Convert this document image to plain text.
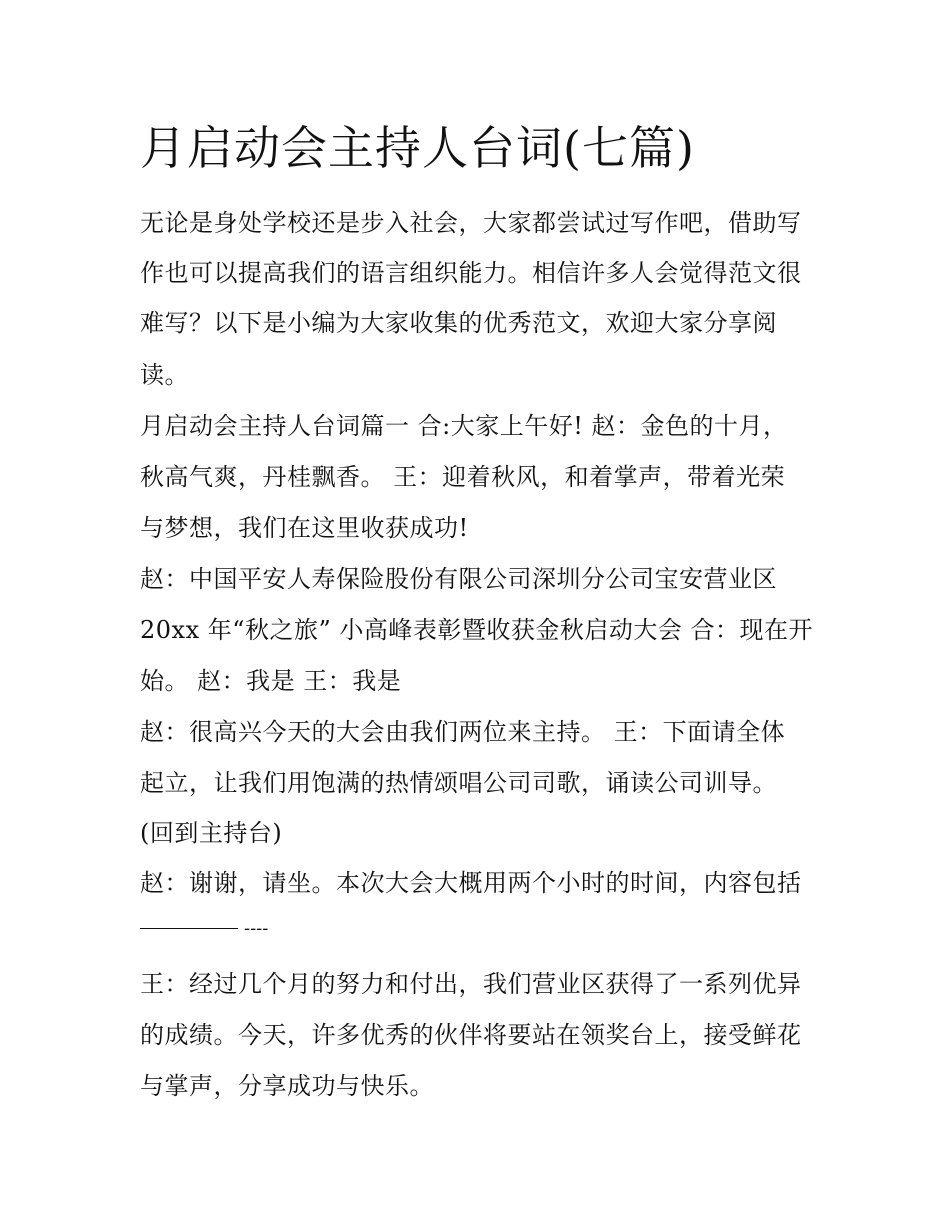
月启动会主持人台词(七篇)
无论是身处学校还是步入社会，大家都尝试过写作吧，借助写
作也可以提高我们的语言组织能力。相信许多人会觉得范文很
难写？以下是小编为大家收集的优秀范文，欢迎大家分享阅
读。
月启动会主持人台词篇一 合:大家上午好! 赵：金色的十月，
秋高气爽，丹桂飘香。 王：迎着秋风，和着掌声，带着光荣
与梦想，我们在这里收获成功!
赵：中国平安人寿保险股份有限公司深圳分公司宝安营业区
20xx 年“秋之旅” 小高峰表彰暨收获金秋启动大会 合：现在开
始。 赵：我是 王：我是
赵：很高兴今天的大会由我们两位来主持。 王：下面请全体
起立，让我们用饱满的热情颂唱公司司歌，诵读公司训导。
(回到主持台)
赵：谢谢，请坐。本次大会大概用两个小时的时间，内容包括
----
王：经过几个月的努力和付出，我们营业区获得了一系列优异
的成绩。今天，许多优秀的伙伴将要站在领奖台上，接受鲜花
与掌声，分享成功与快乐。
